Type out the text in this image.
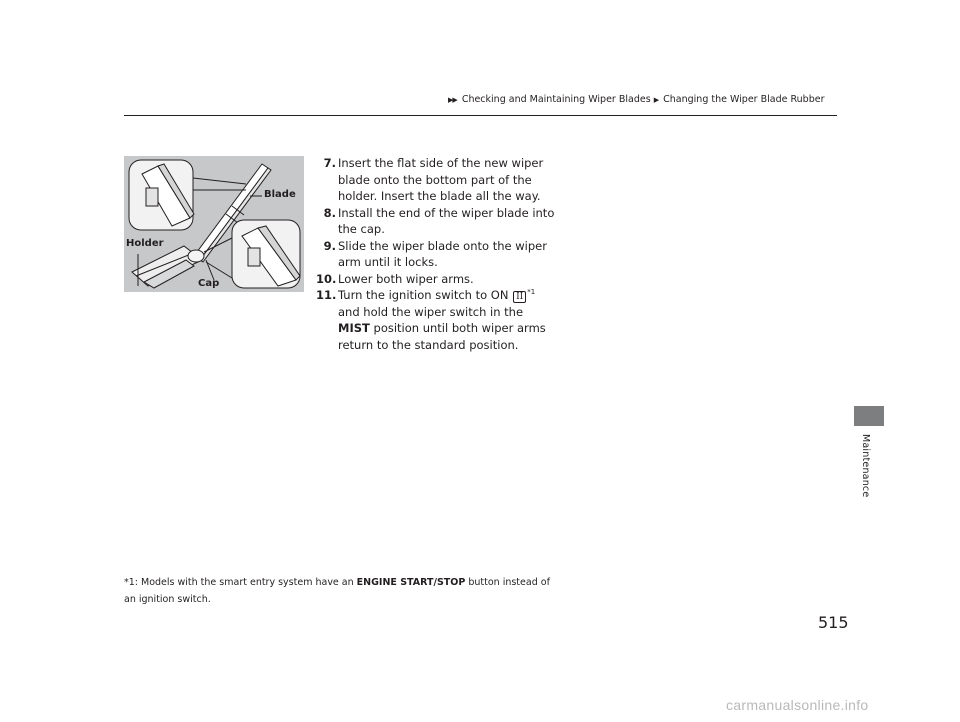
▶▶ Checking and Maintaining Wiper Blades ▶ Changing the Wiper Blade Rubber
Maintenance
Blade
Holder
Cap
7. Insert the flat side of the new wiper blade onto the bottom part of the holder. Insert the blade all the way.
8. Install the end of the wiper blade into the cap.
9. Slide the wiper blade onto the wiper arm until it locks.
10. Lower both wiper arms.
11. Turn the ignition switch to ON II $^{*1}$ and hold the wiper switch in the MIST position until both wiper arms return to the standard position.
*1: Models with the smart entry system have an ENGINE START/STOP button instead of an ignition switch.
515
carmanualsonline.info
